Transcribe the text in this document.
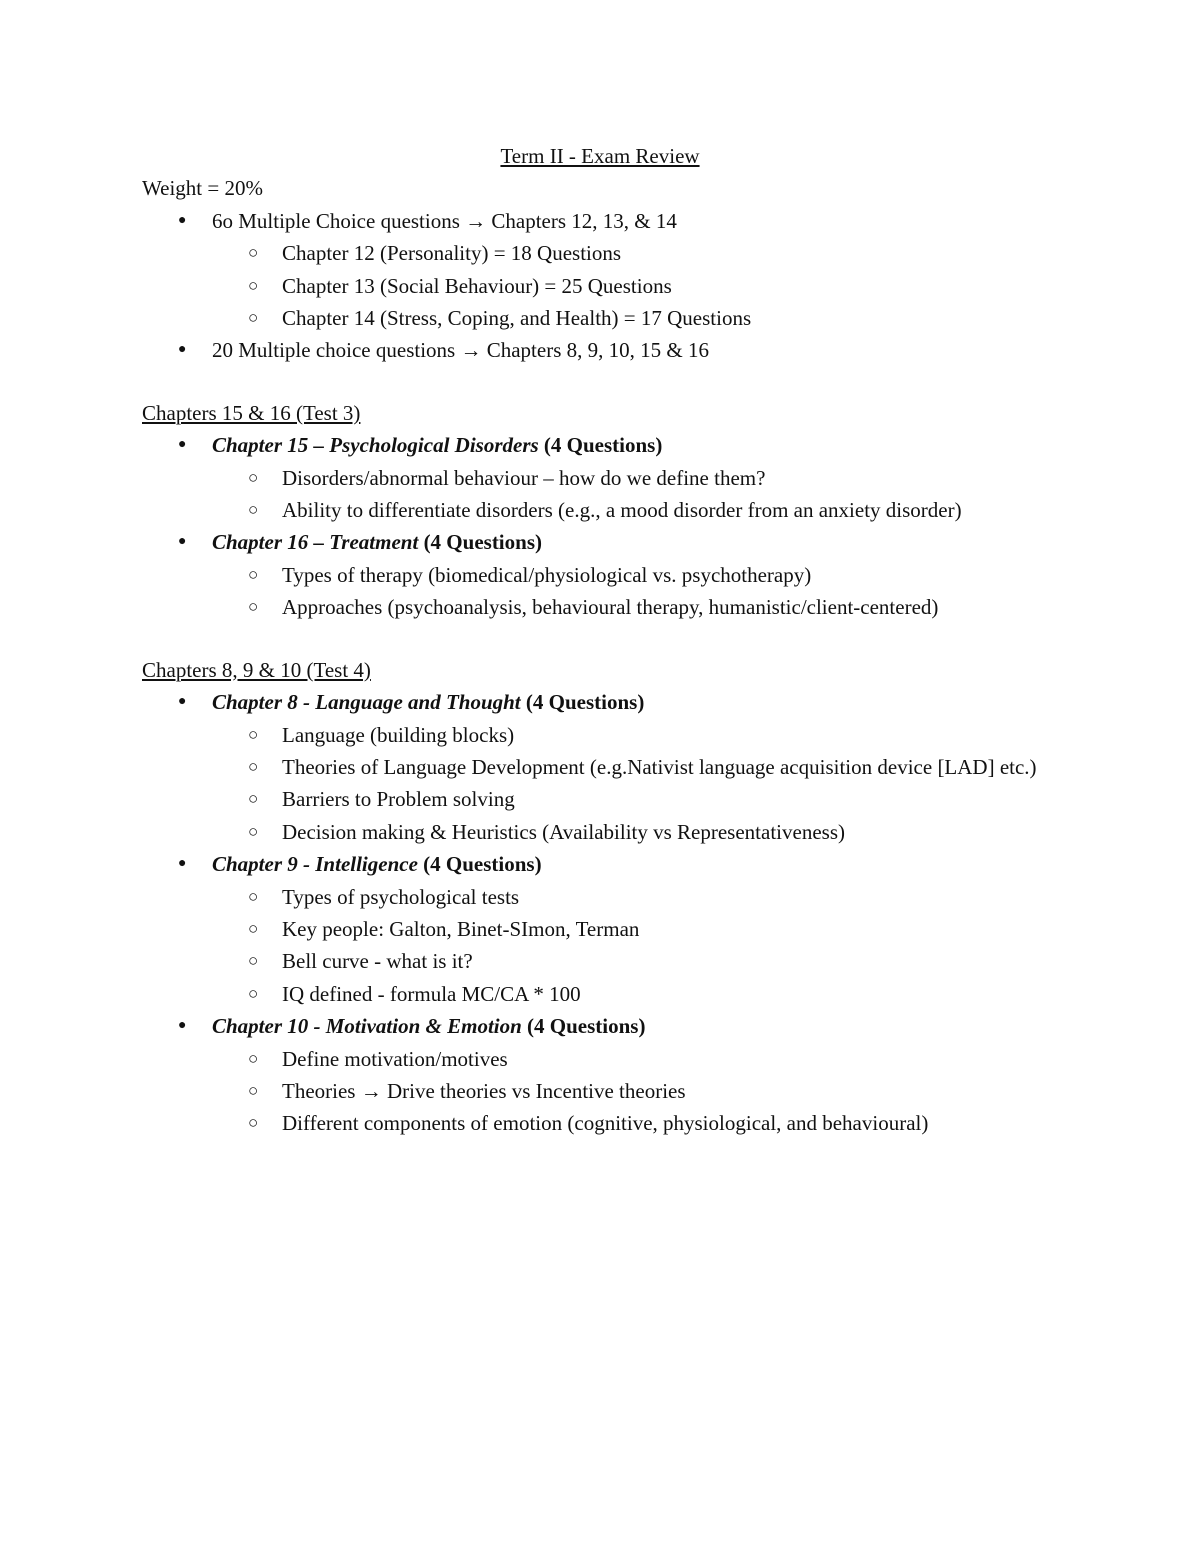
Term II - Exam Review
Weight = 20%
● 6o Multiple Choice questions → Chapters 12, 13, & 14
○ Chapter 12 (Personality) = 18 Questions
○ Chapter 13 (Social Behaviour) = 25 Questions
○ Chapter 14 (Stress, Coping, and Health) = 17 Questions
● 20 Multiple choice questions → Chapters 8, 9, 10, 15 & 16
Chapters 15 & 16 (Test 3)
● Chapter 15 – Psychological Disorders (4 Questions)
○ Disorders/abnormal behaviour – how do we define them?
○ Ability to differentiate disorders (e.g., a mood disorder from an anxiety disorder)
● Chapter 16 – Treatment (4 Questions)
○ Types of therapy (biomedical/physiological vs. psychotherapy)
○ Approaches (psychoanalysis, behavioural therapy, humanistic/client-centered)
Chapters 8, 9 & 10 (Test 4)
● Chapter 8 - Language and Thought (4 Questions)
○ Language (building blocks)
○ Theories of Language Development (e.g.Nativist language acquisition device [LAD] etc.)
○ Barriers to Problem solving
○ Decision making & Heuristics (Availability vs Representativeness)
● Chapter 9 - Intelligence (4 Questions)
○ Types of psychological tests
○ Key people: Galton, Binet-SImon, Terman
○ Bell curve - what is it?
○ IQ defined - formula MC/CA * 100
● Chapter 10 - Motivation & Emotion (4 Questions)
○ Define motivation/motives
○ Theories → Drive theories vs Incentive theories
○ Different components of emotion (cognitive, physiological, and behavioural)
